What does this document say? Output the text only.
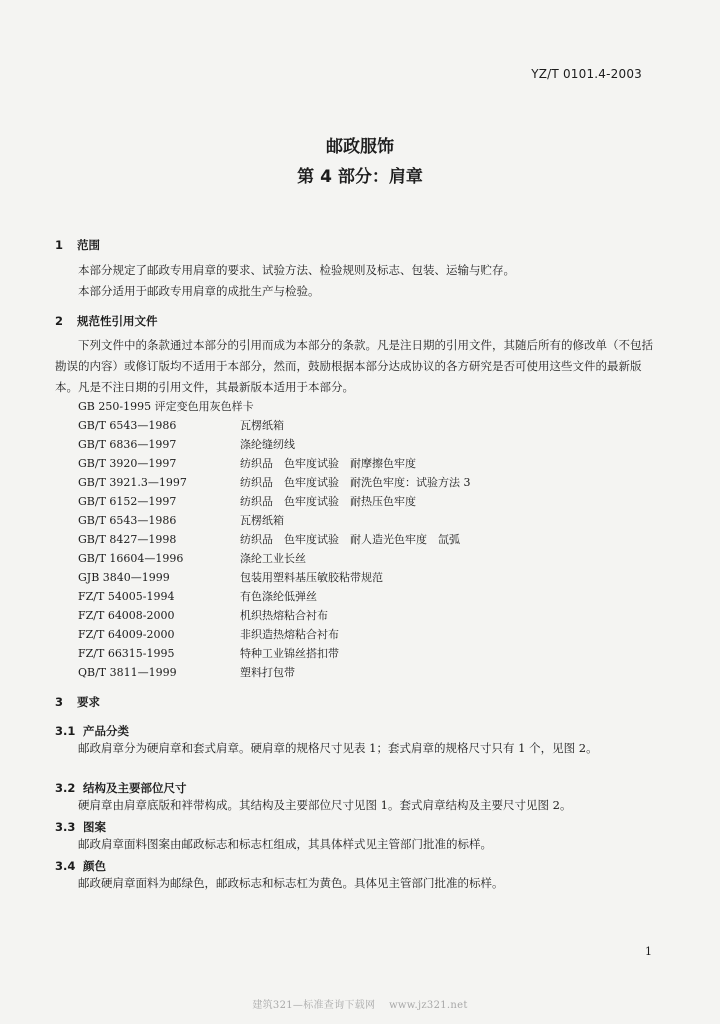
YZ/T 0101.4-2003
邮政服饰
第 4 部分：肩章
1 范围
本部分规定了邮政专用肩章的要求、试验方法、检验规则及标志、包装、运输与贮存。
本部分适用于邮政专用肩章的成批生产与检验。
2 规范性引用文件
下列文件中的条款通过本部分的引用而成为本部分的条款。凡是注日期的引用文件，其随后所有的修改单（不包括勘误的内容）或修订版均不适用于本部分，然而，鼓励根据本部分达成协议的各方研究是否可使用这些文件的最新版本。凡是不注日期的引用文件，其最新版本适用于本部分。
GB 250-1995 评定变色用灰色样卡
GB/T 6543—1986	瓦楞纸箱
GB/T 6836—1997	涤纶缝纫线
GB/T 3920—1997	纺织品　色牢度试验　耐摩擦色牢度
GB/T 3921.3—1997	纺织品　色牢度试验　耐洗色牢度：试验方法 3
GB/T 6152—1997	纺织品　色牢度试验　耐热压色牢度
GB/T 6543—1986	瓦楞纸箱
GB/T 8427—1998	纺织品　色牢度试验　耐人造光色牢度　氙弧
GB/T 16604—1996	涤纶工业长丝
GJB 3840—1999	包装用塑料基压敏胶粘带规范
FZ/T 54005-1994	有色涤纶低弹丝
FZ/T 64008-2000	机织热熔粘合衬布
FZ/T 64009-2000	非织造热熔粘合衬布
FZ/T 66315-1995	特种工业锦丝搭扣带
QB/T 3811—1999	塑料打包带
3 要求
3.1 产品分类
邮政肩章分为硬肩章和套式肩章。硬肩章的规格尺寸见表 1；套式肩章的规格尺寸只有 1 个，见图 2。
3.2 结构及主要部位尺寸
硬肩章由肩章底版和袢带构成。其结构及主要部位尺寸见图 1。套式肩章结构及主要尺寸见图 2。
3.3 图案
邮政肩章面料图案由邮政标志和标志杠组成，其具体样式见主管部门批准的标样。
3.4 颜色
邮政硬肩章面料为邮绿色，邮政标志和标志杠为黄色。具体见主管部门批准的标样。
1
建筑321—标准查询下载网　 www.jz321.net
